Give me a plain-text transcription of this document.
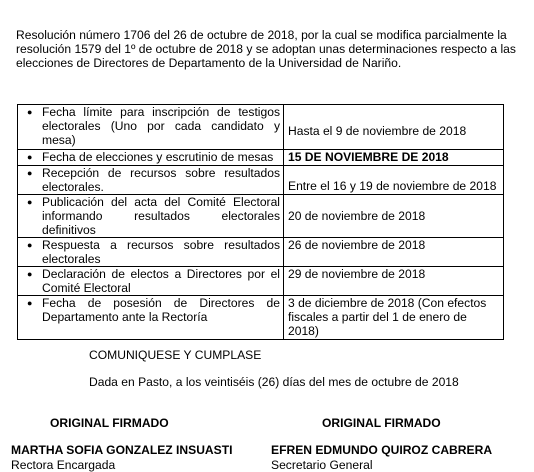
Resolución número 1706 del 26 de octubre de 2018, por la cual se modifica parcialmente la resolución 1579 del 1º de octubre de 2018 y se adoptan unas determinaciones respecto a las elecciones de Directores de Departamento de la Universidad de Nariño.

● Fecha límite para inscripción de testigos electorales (Uno por cada candidato y mesa)	Hasta el 9 de noviembre de 2018

● Fecha de elecciones y escrutinio de mesas	15 DE NOVIEMBRE DE 2018

● Recepción de recursos sobre resultados electorales.	Entre el 16 y 19 de noviembre de 2018

● Publicación del acta del Comité Electoral informando resultados electorales definitivos	20 de noviembre de 2018

● Respuesta a recursos sobre resultados electorales	26 de noviembre de 2018

● Declaración de electos a Directores por el Comité Electoral	29 de noviembre de 2018

● Fecha de posesión de Directores de Departamento ante la Rectoría	3 de diciembre de 2018 (Con efectos fiscales a partir del 1 de enero de 2018)

COMUNIQUESE Y CUMPLASE

Dada en Pasto, a los veintiséis (26) días del mes de octubre de 2018

ORIGINAL FIRMADO	ORIGINAL FIRMADO

MARTHA SOFIA GONZALEZ INSUASTI	EFREN EDMUNDO QUIROZ CABRERA

Rectora Encargada	Secretario General
